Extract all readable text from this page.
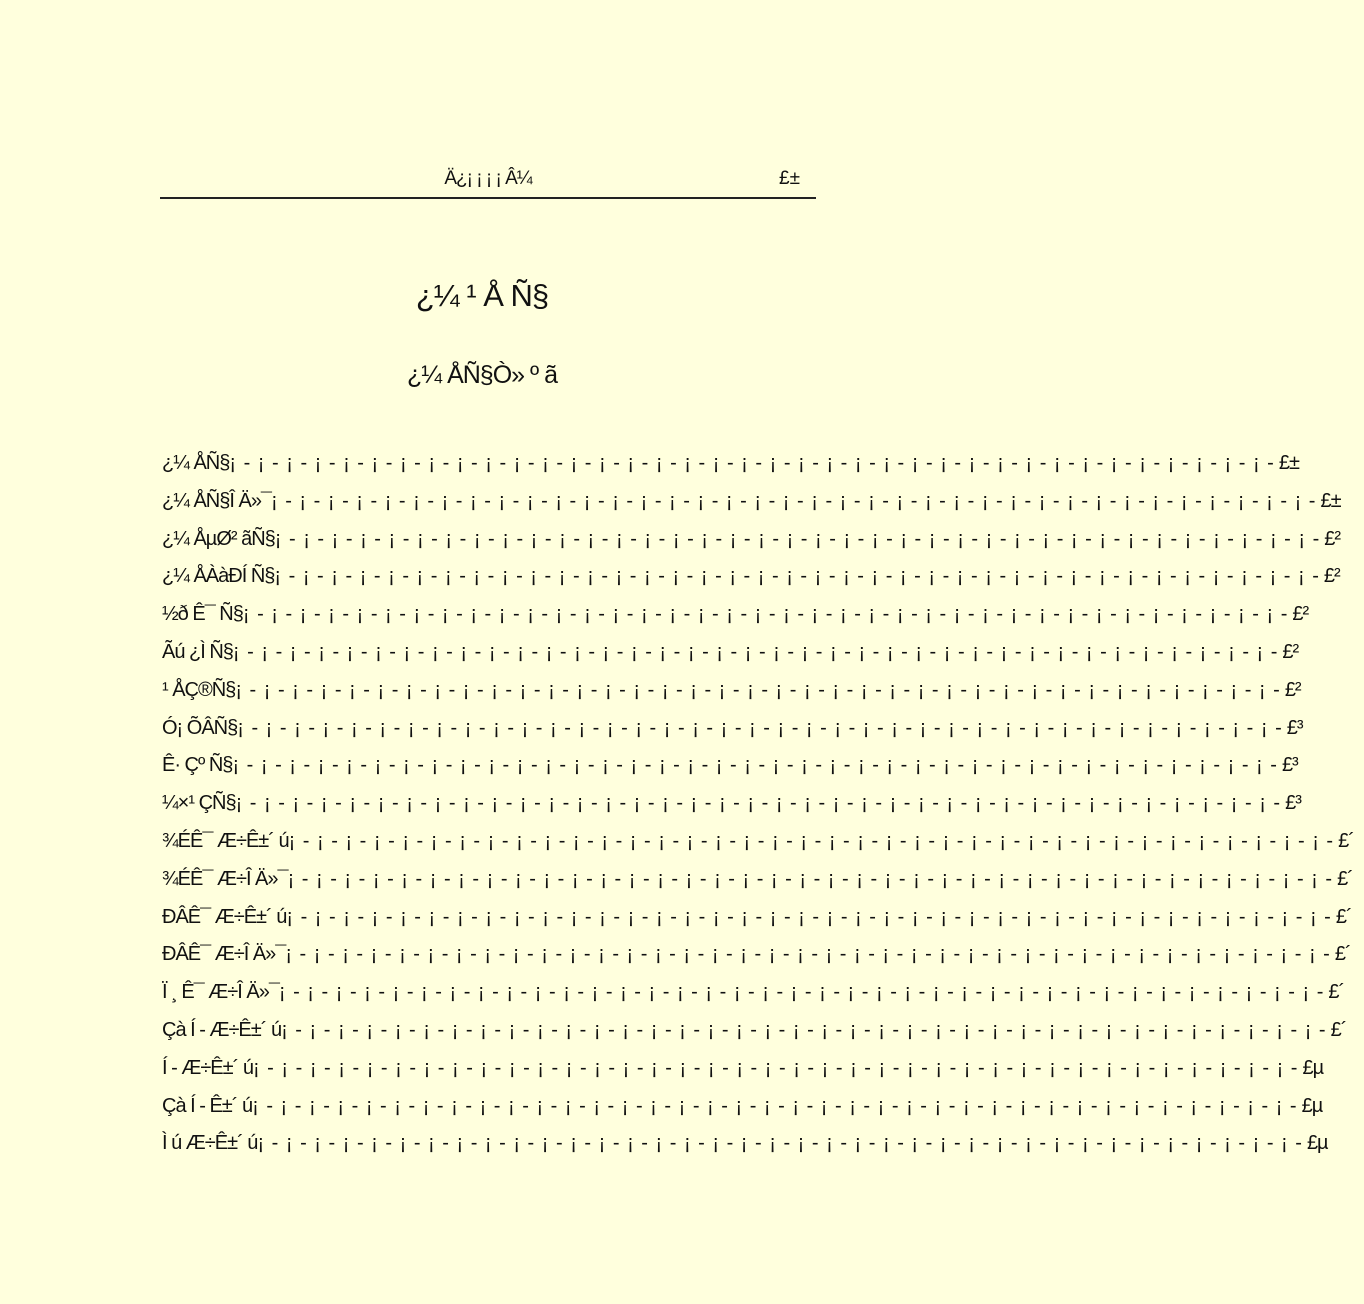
Ä¿¡ ¡ ¡ ¡ Â¼	£±
¿¼ ¹ Å Ñ§
¿¼ ÅÑ§Ò» º ã
¿¼ ÅÑ§ ¡ - ¡ - ¡ - ¡ - ¡ - ¡ - ¡ - ¡ - ¡ - ¡ - ¡ - ¡ - ¡ - ¡ - ¡ - ¡ - ¡ - ¡ - ¡ - ¡ - ¡ - ¡ - ¡ - ¡ - ¡ - ¡ - ¡ - ¡ - ¡ - ¡ - ¡ - ¡ - ¡ - ¡ - ¡ - ¡ - ¡ - £±
¿¼ ÅÑ§Î Ä»¯ ¡ - ¡ - ¡ - ¡ - ¡ - ¡ - ¡ - ¡ - ¡ - ¡ - ¡ - ¡ - ¡ - ¡ - ¡ - ¡ - ¡ - ¡ - ¡ - ¡ - ¡ - ¡ - ¡ - ¡ - ¡ - ¡ - ¡ - ¡ - ¡ - ¡ - ¡ - ¡ - ¡ - ¡ - ¡ - ¡ - ¡ - £±
¿¼ ÅµØ² ãÑ§ ¡ - ¡ - ¡ - ¡ - ¡ - ¡ - ¡ - ¡ - ¡ - ¡ - ¡ - ¡ - ¡ - ¡ - ¡ - ¡ - ¡ - ¡ - ¡ - ¡ - ¡ - ¡ - ¡ - ¡ - ¡ - ¡ - ¡ - ¡ - ¡ - ¡ - ¡ - ¡ - ¡ - ¡ - ¡ - ¡ - ¡ - £²
¿¼ ÅÀàÐÍ Ñ§ ¡ - ¡ - ¡ - ¡ - ¡ - ¡ - ¡ - ¡ - ¡ - ¡ - ¡ - ¡ - ¡ - ¡ - ¡ - ¡ - ¡ - ¡ - ¡ - ¡ - ¡ - ¡ - ¡ - ¡ - ¡ - ¡ - ¡ - ¡ - ¡ - ¡ - ¡ - ¡ - ¡ - ¡ - ¡ - ¡ - ¡ - £²
½ð Ê¯ Ñ§ ¡ - ¡ - ¡ - ¡ - ¡ - ¡ - ¡ - ¡ - ¡ - ¡ - ¡ - ¡ - ¡ - ¡ - ¡ - ¡ - ¡ - ¡ - ¡ - ¡ - ¡ - ¡ - ¡ - ¡ - ¡ - ¡ - ¡ - ¡ - ¡ - ¡ - ¡ - ¡ - ¡ - ¡ - ¡ - ¡ - ¡ - £²
Ãú ¿Ì Ñ§ ¡ - ¡ - ¡ - ¡ - ¡ - ¡ - ¡ - ¡ - ¡ - ¡ - ¡ - ¡ - ¡ - ¡ - ¡ - ¡ - ¡ - ¡ - ¡ - ¡ - ¡ - ¡ - ¡ - ¡ - ¡ - ¡ - ¡ - ¡ - ¡ - ¡ - ¡ - ¡ - ¡ - ¡ - ¡ - ¡ - ¡ - £²
¹ ÅÇ®Ñ§ ¡ - ¡ - ¡ - ¡ - ¡ - ¡ - ¡ - ¡ - ¡ - ¡ - ¡ - ¡ - ¡ - ¡ - ¡ - ¡ - ¡ - ¡ - ¡ - ¡ - ¡ - ¡ - ¡ - ¡ - ¡ - ¡ - ¡ - ¡ - ¡ - ¡ - ¡ - ¡ - ¡ - ¡ - ¡ - ¡ - ¡ - £²
Ó¡ ÕÂÑ§ ¡ - ¡ - ¡ - ¡ - ¡ - ¡ - ¡ - ¡ - ¡ - ¡ - ¡ - ¡ - ¡ - ¡ - ¡ - ¡ - ¡ - ¡ - ¡ - ¡ - ¡ - ¡ - ¡ - ¡ - ¡ - ¡ - ¡ - ¡ - ¡ - ¡ - ¡ - ¡ - ¡ - ¡ - ¡ - ¡ - ¡ - £³
Ê· Çº Ñ§ ¡ - ¡ - ¡ - ¡ - ¡ - ¡ - ¡ - ¡ - ¡ - ¡ - ¡ - ¡ - ¡ - ¡ - ¡ - ¡ - ¡ - ¡ - ¡ - ¡ - ¡ - ¡ - ¡ - ¡ - ¡ - ¡ - ¡ - ¡ - ¡ - ¡ - ¡ - ¡ - ¡ - ¡ - ¡ - ¡ - ¡ - £³
¼×¹ ÇÑ§ ¡ - ¡ - ¡ - ¡ - ¡ - ¡ - ¡ - ¡ - ¡ - ¡ - ¡ - ¡ - ¡ - ¡ - ¡ - ¡ - ¡ - ¡ - ¡ - ¡ - ¡ - ¡ - ¡ - ¡ - ¡ - ¡ - ¡ - ¡ - ¡ - ¡ - ¡ - ¡ - ¡ - ¡ - ¡ - ¡ - ¡ - £³
¾ÉÊ¯ Æ÷Ê±´ ú ¡ - ¡ - ¡ - ¡ - ¡ - ¡ - ¡ - ¡ - ¡ - ¡ - ¡ - ¡ - ¡ - ¡ - ¡ - ¡ - ¡ - ¡ - ¡ - ¡ - ¡ - ¡ - ¡ - ¡ - ¡ - ¡ - ¡ - ¡ - ¡ - ¡ - ¡ - ¡ - ¡ - ¡ - ¡ - ¡ - ¡ - £´
¾ÉÊ¯ Æ÷Î Ä»¯ ¡ - ¡ - ¡ - ¡ - ¡ - ¡ - ¡ - ¡ - ¡ - ¡ - ¡ - ¡ - ¡ - ¡ - ¡ - ¡ - ¡ - ¡ - ¡ - ¡ - ¡ - ¡ - ¡ - ¡ - ¡ - ¡ - ¡ - ¡ - ¡ - ¡ - ¡ - ¡ - ¡ - ¡ - ¡ - ¡ - ¡ - £´
ÐÂÊ¯ Æ÷Ê±´ ú ¡ - ¡ - ¡ - ¡ - ¡ - ¡ - ¡ - ¡ - ¡ - ¡ - ¡ - ¡ - ¡ - ¡ - ¡ - ¡ - ¡ - ¡ - ¡ - ¡ - ¡ - ¡ - ¡ - ¡ - ¡ - ¡ - ¡ - ¡ - ¡ - ¡ - ¡ - ¡ - ¡ - ¡ - ¡ - ¡ - ¡ - £´
ÐÂÊ¯ Æ÷Î Ä»¯ ¡ - ¡ - ¡ - ¡ - ¡ - ¡ - ¡ - ¡ - ¡ - ¡ - ¡ - ¡ - ¡ - ¡ - ¡ - ¡ - ¡ - ¡ - ¡ - ¡ - ¡ - ¡ - ¡ - ¡ - ¡ - ¡ - ¡ - ¡ - ¡ - ¡ - ¡ - ¡ - ¡ - ¡ - ¡ - ¡ - ¡ - £´
Ï ¸ Ê¯ Æ÷Î Ä»¯ ¡ - ¡ - ¡ - ¡ - ¡ - ¡ - ¡ - ¡ - ¡ - ¡ - ¡ - ¡ - ¡ - ¡ - ¡ - ¡ - ¡ - ¡ - ¡ - ¡ - ¡ - ¡ - ¡ - ¡ - ¡ - ¡ - ¡ - ¡ - ¡ - ¡ - ¡ - ¡ - ¡ - ¡ - ¡ - ¡ - ¡ - £´
Çà Í - Æ÷Ê±´ ú ¡ - ¡ - ¡ - ¡ - ¡ - ¡ - ¡ - ¡ - ¡ - ¡ - ¡ - ¡ - ¡ - ¡ - ¡ - ¡ - ¡ - ¡ - ¡ - ¡ - ¡ - ¡ - ¡ - ¡ - ¡ - ¡ - ¡ - ¡ - ¡ - ¡ - ¡ - ¡ - ¡ - ¡ - ¡ - ¡ - ¡ - £´
Í - Æ÷Ê±´ ú ¡ - ¡ - ¡ - ¡ - ¡ - ¡ - ¡ - ¡ - ¡ - ¡ - ¡ - ¡ - ¡ - ¡ - ¡ - ¡ - ¡ - ¡ - ¡ - ¡ - ¡ - ¡ - ¡ - ¡ - ¡ - ¡ - ¡ - ¡ - ¡ - ¡ - ¡ - ¡ - ¡ - ¡ - ¡ - ¡ - ¡ - £µ
Çà Í - Ê±´ ú ¡ - ¡ - ¡ - ¡ - ¡ - ¡ - ¡ - ¡ - ¡ - ¡ - ¡ - ¡ - ¡ - ¡ - ¡ - ¡ - ¡ - ¡ - ¡ - ¡ - ¡ - ¡ - ¡ - ¡ - ¡ - ¡ - ¡ - ¡ - ¡ - ¡ - ¡ - ¡ - ¡ - ¡ - ¡ - ¡ - ¡ - £µ
Ì ú Æ÷Ê±´ ú ¡ - ¡ - ¡ - ¡ - ¡ - ¡ - ¡ - ¡ - ¡ - ¡ - ¡ - ¡ - ¡ - ¡ - ¡ - ¡ - ¡ - ¡ - ¡ - ¡ - ¡ - ¡ - ¡ - ¡ - ¡ - ¡ - ¡ - ¡ - ¡ - ¡ - ¡ - ¡ - ¡ - ¡ - ¡ - ¡ - ¡ - £µ
